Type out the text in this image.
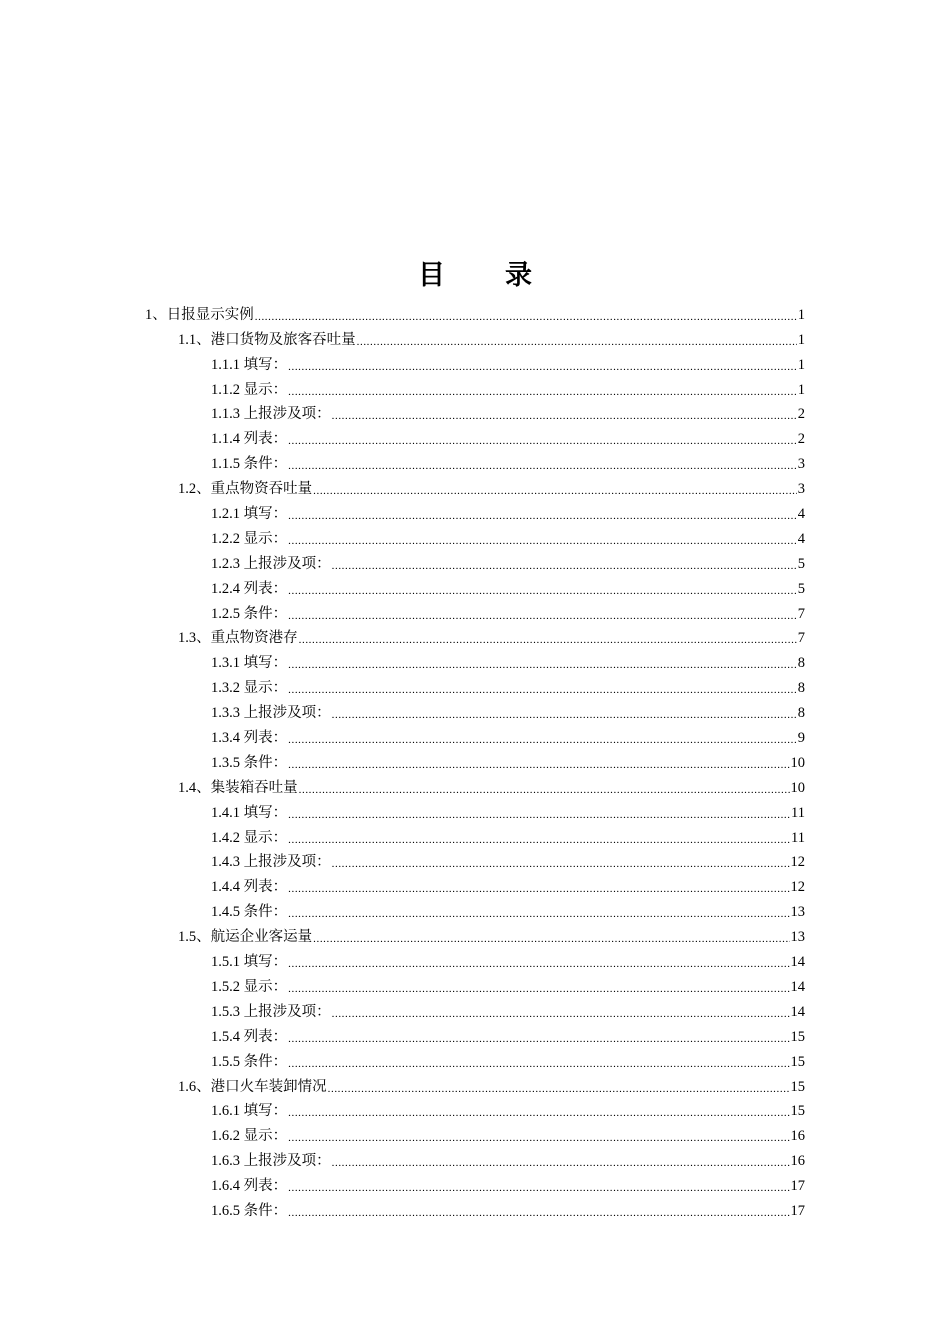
目录
1、日报显示实例 .....	1
1.1、港口货物及旅客吞吐量 .....	1
1.1.1 填写： .....	1
1.1.2 显示： .....	1
1.1.3 上报涉及项： .....	2
1.1.4 列表： .....	2
1.1.5 条件： .....	3
1.2、重点物资吞吐量 .....	3
1.2.1 填写： .....	4
1.2.2 显示： .....	4
1.2.3 上报涉及项： .....	5
1.2.4 列表： .....	5
1.2.5 条件： .....	7
1.3、重点物资港存 .....	7
1.3.1 填写： .....	8
1.3.2 显示： .....	8
1.3.3 上报涉及项： .....	8
1.3.4 列表： .....	9
1.3.5 条件： .....	10
1.4、集装箱吞吐量 .....	10
1.4.1 填写： .....	11
1.4.2 显示： .....	11
1.4.3 上报涉及项： .....	12
1.4.4 列表： .....	12
1.4.5 条件： .....	13
1.5、航运企业客运量 .....	13
1.5.1 填写： .....	14
1.5.2 显示： .....	14
1.5.3 上报涉及项： .....	14
1.5.4 列表： .....	15
1.5.5 条件： .....	15
1.6、港口火车装卸情况 .....	15
1.6.1 填写： .....	15
1.6.2 显示： .....	16
1.6.3 上报涉及项： .....	16
1.6.4 列表： .....	17
1.6.5 条件： .....	17
